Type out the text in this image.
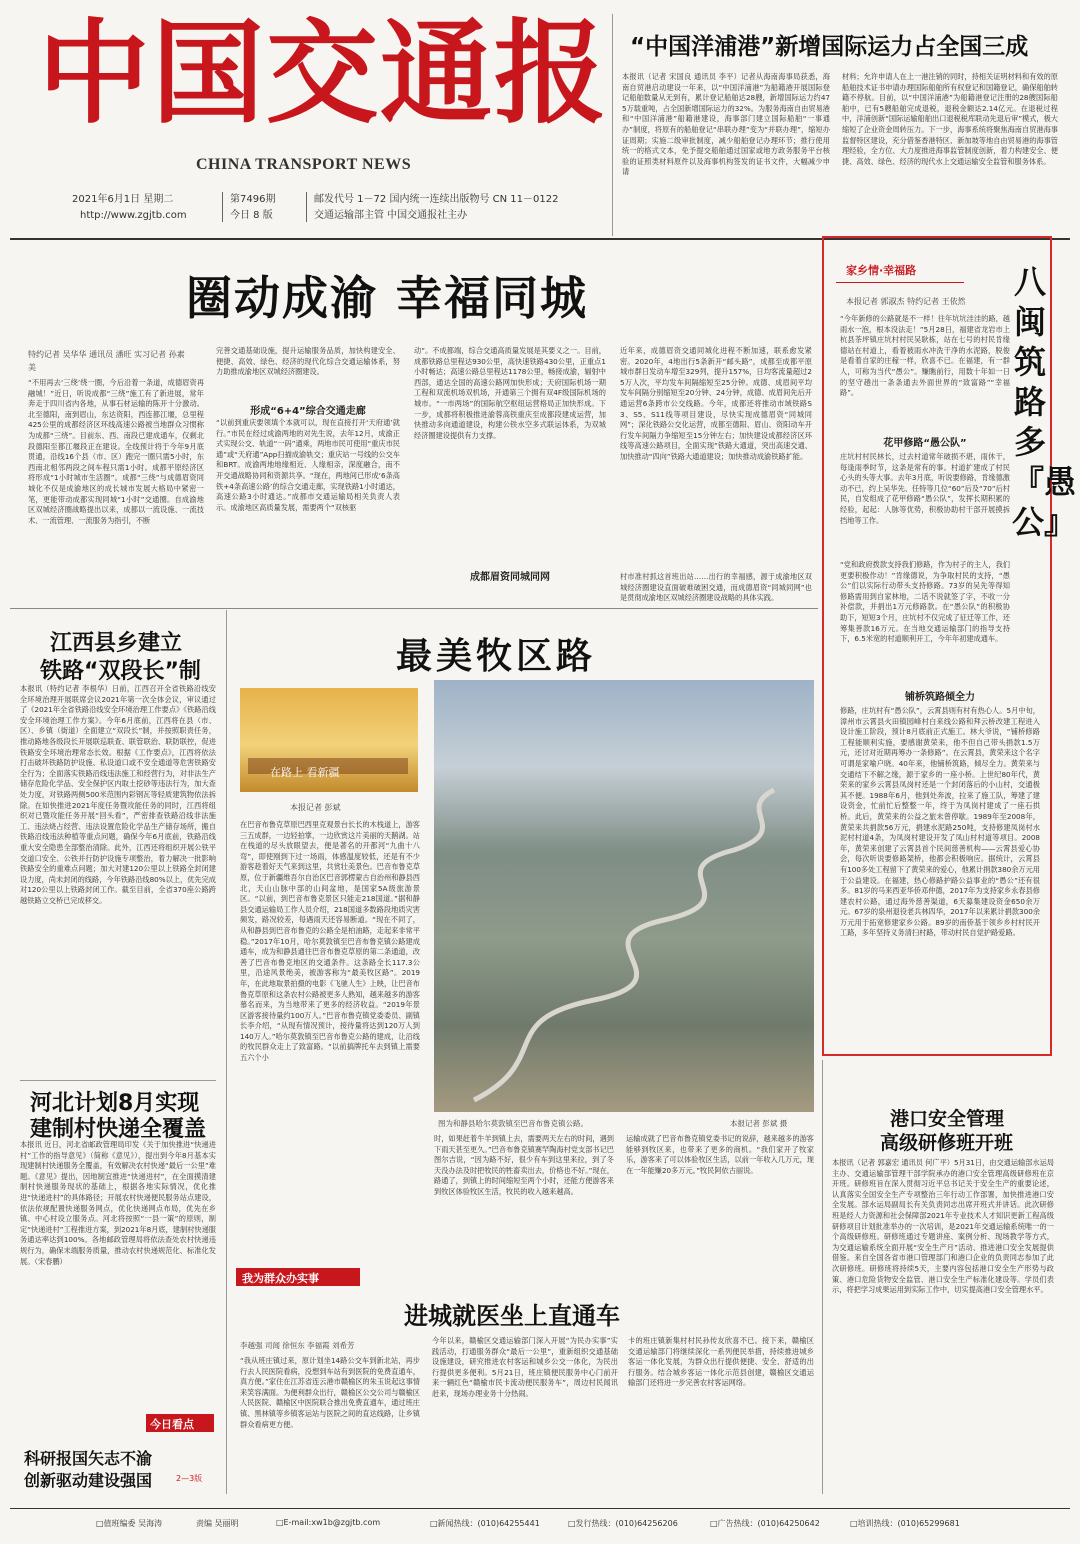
中国交通报
CHINA TRANSPORT NEWS
2021年6月1日 星期二
http://www.zgjtb.com
第7496期
今日 8 版
邮发代号 1－72 国内统一连续出版物号 CN 11－0122
交通运输部主管 中国交通报社主办
“中国洋浦港”新增国际运力占全国三成
本报讯（记者 宋国良 通讯员 李平）记者从海南海事局获悉，海南自贸港启动建设一年来，以“中国洋浦港”为船籍港开展国际登记船舶数量从无到有，累计登记船舶达28艘，新增国际运力约475万载重吨，占全国新增国际运力的32%。为服务海南自由贸易港和“中国洋浦港”船籍港建设，海事部门建立国际船舶“一事通办”制度，将原有的船舶登记“串联办理”变为“并联办理”，缩短办证周期；实施二级审批制度，减少船舶登记办理环节；推行使用统一的格式文本，免予提交船舶通过国家或地方政务服务平台核验的证照类材料原件以及海事机构签发的证书文件，大幅减少申请
材料；允许申请人在上一港注销的同时，持相关证明材料和有效的原船舶技术证书申请办理国际船舶所有权登记和国籍登记，确保船舶转籍不停航。目前，以“中国洋浦港”为船籍港登记注册的28艘国际船舶中，已有5艘船舶完成退税，退税金额达2.14亿元。在退税过程中，洋浦创新“国际运输船舶出口退税税库联动先退后审”模式，极大缩短了企业资金周转压力。下一步，海事系统将聚焦海南自贸港海事监督特区建设，充分借鉴香港特区、新加坡等地自由贸易港的海事管理经验，全方位、大力度推进海事监管制度创新，着力构建安全、便捷、高效、绿色、经济的现代水上交通运输安全监管和服务体系。
圈动成渝 幸福同城
特约记者 吴华华 通讯员 潘旺 实习记者 孙素美
“不用再去‘三绕’绕一圈，今后沿着一条道，成德眉资再融城！”近日，听说成都“三绕”施工有了新进展，常年奔走于四川省内各地，从事石材运输的陈开十分激动。北至德阳，南到眉山，东达资阳，西连都江堰，总里程425公里的成都经济区环线高速公路被当地群众习惯称为成都“三绕”。目前东、西、南段已建成通车，仅剩北段德阳至都江堰段正在建设。全线预计将于今年9月底贯通，沿线16个县（市、区）跑完一圈只需5小时，东西南北相邻两段之间车程只需1小时。成都平原经济区将形成“1小时城市生活圈”。成都“三绕”与成德眉资同城化不仅是成渝地区的成长城市发展大格局中紧密一笔，更能带动成都实现同城“1小时”交通圈。自成渝地区双城经济圈战略提出以来，成都以一流设施、一流技术、一流管理、一流服务为指引，不断
完善交通基础设施，提升运输服务品质，加快构建安全、便捷、高效、绿色、经济的现代化综合交通运输体系，努力助推成渝地区双城经济圈建设。
形成“6+4”综合交通走廊
“以前到重庆要领填个本就可以，现在直接打开‘天府通’就行。”市民在经过成渝两地的对先生说，去年12月，成渝正式实现公交、轨道“一码”通乘，两地市民可使用“重庆市民通”或“天府通”App扫描成渝轨交；重庆站一号线的公交车和BRT。成渝两地地缘相近、人缘相亲，深度融合，南不开交通战略协同和资源共享。“现在，两地间已形成‘6条高铁+4条高速公路’的综合交通走廊，实现铁路1小时通达，高速公路3小时通达。”成都市交通运输局相关负责人表示。成渝地区高质量发展，需要两个“双核驱
动”。不成都端，综合交通高质量发展是其要义之一。目前，成都铁路总里程达930公里，高快速铁路430公里，正重点1小时畅达；高速公路总里程达1178公里，畅接成渝，辐射中西部，通达全国的高速公路网加快形成；天府国际机场一期工程和双流机场双机场，开通第三个拥有双4F级国际机场的城市。“一市两场”的国际航空枢纽运营格局正加快形成。下一步，成都将积极推进渝蓉高铁重庆至成都段建成运营，加快推动多向通道建设，构建公铁水空多式联运体系，为双城经济圈建设提供有力支撑。
近年来，成德眉资交通同城化进程不断加速，联系愈发紧密。2020年，4地出行5条新开“邮头路”，成都至成都平原城市群日发动车增至329列，提升157%，日均客流量超过25万人次，平均发车间隔缩短至25分钟。成德、成眉间平均发车间隔分别缩短至20分钟、24分钟，成德、成眉间先后开通运营6条跨市公交线路。今年，成都还将推动市域铁路S3、S5、S11线等项目建设，尽快实现成德眉资“同城同网”；深化铁路公交化运营，成都至德阳、眉山、资阳动车开行发车间隔力争缩短至15分钟左右；加快建设成都经济区环线等高速公路项目，全面实现“铁路大通道，突出高速交通、加快推动“四向”铁路大通道建设；加快推动成渝铁路扩能。
成都眉资同城同网	村市准村抓这首班出站……出行的幸福感，源于成渝地区双城经济圈建设直面破难破困交通，而成德眉资“同城同网”也是贯彻成渝地区双城经济圈建设战略的具体实践。
家乡情·幸福路	八闽筑路多『愚公』
本报记者 郭淑杰 特约记者 王依然
“今年新修的公路就是不一样！往年坑坑洼洼的路，越雨水一泡，根本没法走！”5月28日，福建省龙岩市上杭县茶坪镇庄坑村村民吴耿栋，站在七号的村民肯缘德站在村道上，看着被雨水冲洗干净的水泥路，脱俊是看着自家的庄稼一样，欣喜不已。在福建，有一群人，可称为当代“愚公”。赚瞧前行，用数十年如一日的坚守趟出一条条通去外面世界的“致富路”“幸福路”。
花甲修路“愚公队”
庄坑村村民林长，过去村道常年破损不堪，雨休干，每逢雨季时节，这条是常有的事。村道扩建成了村民心头的头等大事。去年3月底，听说要修路，肯缘德激动不已，约上吴华先、任特等几位“60”后及“70”后村民，自发组成了花甲修路“愚公队”，发挥长期积累的经验，起起：人脉等优势，积极协助村干部开展摸拆挡地等工作。
“党和政府拨款支持我们修路，作为村子的主人，我们更要积极作动！”肯缘德说，为争取村民的支持，“愚公”们以实际行动带头支持修路。73岁的吴先等得知修路需用到自家林地，二话不说就签了字，不收一分补偿款，并捐出1万元修路款。在“愚公队”的积极协助下，短短3个月，庄坑村不仅完成了征迁等工作，还筹集善款16万元。在当地交通运输部门的指导支持下，6.5米宽的村道顺利开工，今年年初建成通车。
铺桥筑路倾全力
修路，庄坑村有“愚公队”，云霄县则有村有热心人。5月中旬，漳州市云霄县火田镇园峰村白来线公路和拜云桥改建工程进入设计施工阶段，预计8月底前正式施工。林大爷说，“铺桥修路工程能顺利实施，要感谢黄荣来，他不但自己带头捐款1.5万元，还讨对近期再筹办一条修路”。在云霄县，黄荣来这个名字可谓是家喻户晓。40年来，他铺桥筑路，倾尽全力。黄荣来与交通结下不解之缘，源于家乡的一座小桥。上世纪80年代，黄荣来的家乡云霄县凤岗村还是一个封闭落后的小山村，交通极其不便。1988年6月，他到处奔波，拉来了施工队，筹建了建设资金，忙前忙后整整一年，终于为凤岗村建成了一座石拱桥。此后，黄荣来的公益之旅未曾停歇。1989年至2008年，黄荣来共捐款56万元，捐建水泥路250吨，支持修建凤岗村水泥村村道4条，为凤岗村建设开发了凤山村村道等项目。2008年，黄荣来创建了云霄县首个民间慈善机构——云霄县爱心协会，每次听说要修路架桥，他都会积极响应。据统计，云霄县有100多处工程留下了黄荣来的爱心，他累计捐款380余万元用于公益建设。在福建，热心修路护路公益事业的“愚公”还有很多。81岁的马来西亚华侨邓仲德，2017年为支持家乡永春县修建农村公路，通过海外慈善渠道，6天募集建设资金650余万元。67岁的泉州退役老兵林四华，2017年以来累计捐款300余万元用于拓宽修建家乡公路。89岁的南侨基于领乡乡村村民开工路，多年坚持义务清扫村路，带动村民自觉护路爱路。
江西县乡建立
铁路“双段长”制
本报讯（特约记者 李根华）日前，江西召开全省铁路沿线安全环境治理开展联席会议2021年第一次全体会议，审议通过了《2021年全省铁路沿线安全环境治理工作要点》《铁路沿线安全环境治理工作方案》。今年6月底前，江西将在县（市、区）、乡镇（街道）全面建立“双段长”制，并按照职责任务，推动路地各级段长开展联巡联查、联管联治、联防联控，促进铁路安全环境治理常态长效。根据《工作要点》，江西将依法打击破坏铁路防护设施、私设道口或不安全通道等危害铁路安全行为；全面落实铁路沿线违法施工和经营行为，对非法生产储存危险化学品、安全保护区内取土挖砂等违法行为，加大查处力度，对铁路两侧500米范围内彩钢瓦等轻质建筑物依法拆除。在如快推进2021年度任务暨攻能任务的同时，江西将组织对已暨攻能任务开展“回头看”，严密排查铁路沿线非法施工、违法烧占经营、违法设置危险化学品生产储存场所，搬自铁路沿线违法种植等重点问题，确保今年6月底前，铁路沿线重大安全隐患全部整治清除。此外，江西还将组织开展公铁平交道口安全、公铁并行防护设施专项整治，着力解决一批影响铁路安全的重难点问题；加大对建120公里以上铁路全封闭建设力度，尚未封闭的线路，今年铁路沿线80%以上，优先完成对120公里以上铁路封闭工作。截至目前，全省370座公路跨越铁路立交桥已完成移交。
河北计划8月实现
建制村快递全覆盖
本报讯 近日，河北省邮政管理局印发《关于加快推进“快递进村”工作的指导意见》（简称《意见》），提出到今年8月基本实现建制村快递服务全覆盖，有效解决农村快递“最后一公里”难题。《意见》提出，因地制宜推进“快递进村”，在全面摸清建制村快递服务现状的基础上，根据各地实际情况，优化推进“快递进村”的具体路径；开展农村快递便民服务站点建设，依法依规配置快递服务网点，优化快递网点布局，优先在乡镇、中心村设立服务点。河北将按照“一县一策”的原则，制定“快递进村”工程推进方案，到2021年8月底，建制村快递服务通达率达到100%。各地邮政管理局将依法查处农村快递违规行为，确保末端服务质量，推动农村快递规范化、标准化发展。（宋春鹏）
今日看点
科研报国矢志不渝
创新驱动建设强国	2—3版
最美牧区路
在路上 看新疆
本报记者 彭斌
在巴音布鲁克草原巴西里克观景台长长的木栈道上，游客三五成群，一边轻拍掌，一边欣赏这片美丽的天鹅湖。站在栈道的尽头放眼望去，便是著名的开都河“九曲十八弯”，即使刚到下过一场雨，体感温度较低，还是有不少游客趁着好天气来到这里，共赏壮美景色。巴音布鲁克草原，位于新疆维吾尔自治区巴音郭楞蒙古自治州和静县西北，天山山脉中部的山间盆地，是国家5A级旅游景区。“以前，到巴音布鲁克景区只能走218国道。”据和静县交通运输局工作人员介绍，218国道多数路段地质灾害频发，路况较差，每遇雨天还容易断道。“现在不同了，从和静县到巴音布鲁克的公路全是柏油路，走起来非常平稳。”2017年10月，哈尔莫敦镇至巴音布鲁克镇公路建成通车，成为和静县通往巴音布鲁克草原的第二条通道，改善了巴音布鲁克地区的交通条件。这条路全长117.3公里，沿途风景绝美，被游客称为“最美牧区路”。2019年，在此地取景拍摄的电影《飞驰人生》上映，让巴音布鲁克草原和这条农村公路被更多人熟知，越来越多的游客慕名而来，为当地带来了更多的经济收益。“2019年景区游客接待量约100万人。”巴音布鲁克镇党委委员、副镇长李介绍，“从现有情况预计，接待量将达到120万人到140万人。”哈尔莫敦镇至巴音布鲁克公路的建成，让沿线的牧民群众走上了致富路。“以前搞牌托车去到镇上需要五六个小
图为和静县哈尔莫敦镇至巴音布鲁克镇公路。	本报记者 彭斌 摄
时，如果赶着牛羊到镇上去，需要两天左右的时间，遇到下雨天甚至更久。”巴音布鲁克镇赛罕陶海村党支部书记巴图尔吉说，“因为路不好，很少有车到这里来拉，到了冬天没办法及时把牧民的牲畜卖出去，价格也不好。”现在，路通了，到镇上的时间缩短至两个小时，还能方便游客来到牧区体验牧区生活，牧民的收入越来越高。
运输成就了巴音布鲁克镇党委书记的说辞，越来越多的游客能够到牧区来，也带来了更多的商机。“我们家开了牧家乐，游客来了可以体验牧区生活，以前一年收入几万元，现在一年能赚20多万元。”牧民阿依古丽说。
港口安全管理
高级研修班开班
本报讯（记者 郭嘉宏 通讯员 何广平）5月31日，由交通运输部水运局主办、交通运输部管理干部学院承办的港口安全管理高级研修班在京开班。研修班旨在深入贯彻习近平总书记关于安全生产的重要论述，认真落实全国安全生产专项整治三年行动工作部署，加快推进港口安全发展。部水运局副局长有关负责同志出席开班式并讲话。此次研修班是经人力资源和社会保障部2021年专业技术人才知识更新工程高级研修项目计划批准举办的一次培训，是2021年交通运输系统唯一的一个高级研修班。研修班通过专题讲座、案例分析、现场教学等方式，为交通运输系统全面开展“安全生产月”活动、推进港口安全发展提供借鉴。来自全国各省市港口管理部门和港口企业的负责同志参加了此次研修班。研修班将持续5天，主要内容包括港口安全生产形势与政策、港口危险货物安全监管、港口安全生产标准化建设等。学员们表示，将把学习成果运用到实际工作中，切实提高港口安全管理水平。
我为群众办实事
进城就医坐上直通车
李越强 司闻 徐恒东 李福霞 刘希芳
“我从班庄镇过来，原计划坐14路公交车到新北站，再步行去人民医院看病，没想到车站有到医院的免费直通车，真方便。”家住在江苏省连云港市赣榆区的朱玉说起这事情来笑容满面。为便利群众出行，赣榆区公交公司与赣榆区人民医院、赣榆区中医院联合推出免费直通车，通过班庄镇、黑林镇等乡镇客运站与医院之间的直达线路，让乡镇群众看病更方便。
今年以来，赣榆区交通运输部门深入开展“为民办实事”实践活动，打通服务群众“最后一公里”，重新组织交通基础设施建设，研究推进农村客运和城乡公交一体化，为民出行提供更多便利。5月21日，班庄镇便民服务中心门前开来一辆红色“赣榆市民卡流动便民服务车”，周边村民闻讯赶来，现场办理业务十分热闹。
卡的班庄镇新集村村民孙传友欣喜不已。接下来，赣榆区交通运输部门将继续深化一系列便民举措，持续推进城乡客运一体化发展，为群众出行提供便捷、安全、舒适的出行服务。结合城乡客运一体化示范县创建，赣榆区交通运输部门还将进一步完善农村客运网络。
□值班编委 吴海涛	责编 吴丽明	□E-mail:xw1b@zgjtb.com	□新闻热线：(010)64255441	□发行热线：(010)64256206	□广告热线：(010)64250642	□培训热线：(010)65299681
